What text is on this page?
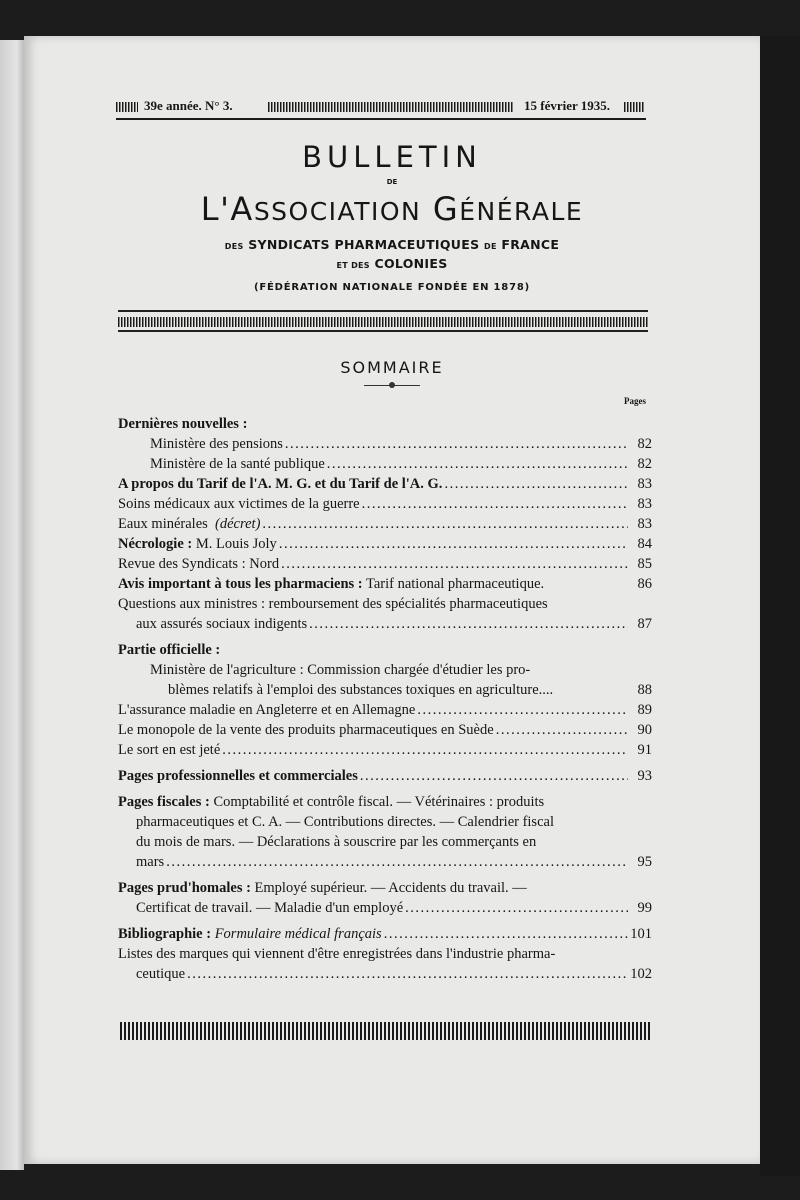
39e année. N° 3.	15 février 1935.
BULLETIN
DE
L'ASSOCIATION GÉNÉRALE
DES SYNDICATS PHARMACEUTIQUES DE FRANCE
ET DES COLONIES
(FÉDÉRATION NATIONALE FONDÉE EN 1878)
SOMMAIRE
Pages
Dernières nouvelles :
Ministère des pensions .....	82
Ministère de la santé publique .....	82
A propos du Tarif de l'A. M. G. et du Tarif de l'A. G. .....	83
Soins médicaux aux victimes de la guerre .....	83
Eaux minérales (décret) .....	83
Nécrologie : M. Louis Joly .....	84
Revue des Syndicats : Nord .....	85
Avis important à tous les pharmaciens : Tarif national pharmaceutique.	86
Questions aux ministres : remboursement des spécialités pharmaceutiques
aux assurés sociaux indigents .....	87
Partie officielle :
Ministère de l'agriculture : Commission chargée d'étudier les pro-
blèmes relatifs à l'emploi des substances toxiques en agriculture....	88
L'assurance maladie en Angleterre et en Allemagne .....	89
Le monopole de la vente des produits pharmaceutiques en Suède .....	90
Le sort en est jeté .....	91
Pages professionnelles et commerciales .....	93
Pages fiscales : Comptabilité et contrôle fiscal. — Vétérinaires : produits
pharmaceutiques et C. A. — Contributions directes. — Calendrier fiscal
du mois de mars. — Déclarations à souscrire par les commerçants en
mars .....	95
Pages prud'homales : Employé supérieur. — Accidents du travail. —
Certificat de travail. — Maladie d'un employé .....	99
Bibliographie : Formulaire médical français .....	101
Listes des marques qui viennent d'être enregistrées dans l'industrie pharma-
ceutique .....	102
